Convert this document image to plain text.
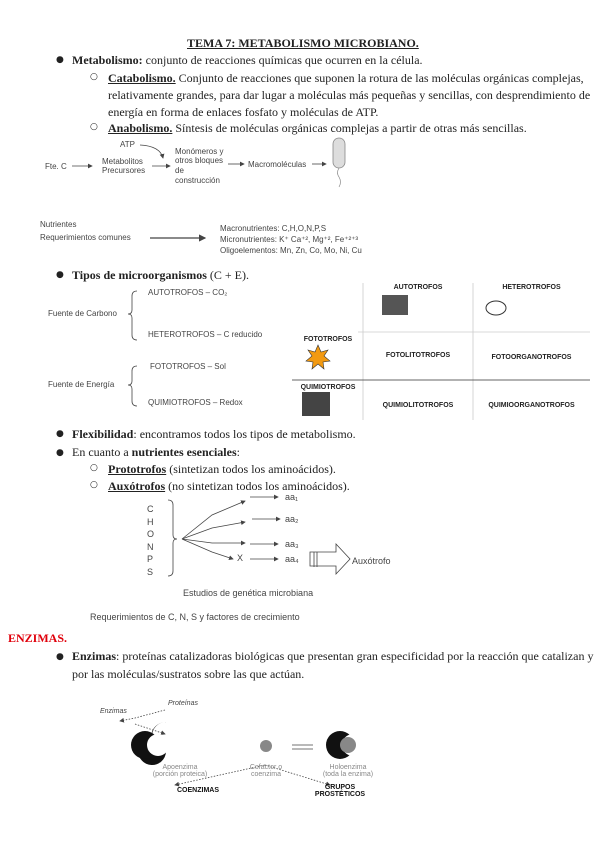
TEMA 7: METABOLISMO MICROBIANO.
● Metabolismo: conjunto de reacciones químicas que ocurren en la célula.
○ Catabolismo. Conjunto de reacciones que suponen la rotura de las moléculas orgánicas complejas,
relativamente grandes, para dar lugar a moléculas más pequeñas y sencillas, con desprendimiento de
energía en forma de enlaces fosfato y moléculas de ATP.
○ Anabolismo. Síntesis de moléculas orgánicas complejas a partir de otras más sencillas.
ATP
Fte. C
Metabolitos
Precursores
Monómeros y
otros bloques
de
construcción
Macromoléculas
Nutrientes
Requerimientos comunes
Macronutrientes: C,H,O,N,P,S
Micronutrientes: K⁺ Ca⁺², Mg⁺², Fe⁺²⁺³
Oligoelementos: Mn, Zn, Co, Mo, Ni, Cu
● Tipos de microorganismos (C + E).
Fuente de Carbono
AUTOTROFOS – CO₂
HETEROTROFOS – C reducido
Fuente de Energía
FOTOTROFOS – Sol
QUIMIOTROFOS – Redox
AUTOTROFOS	HETEROTROFOS
FOTOTROFOS
QUIMIOTROFOS
FOTOLITOTROFOS	FOTOORGANOTROFOS
QUIMIOLITOTROFOS	QUIMIOORGANOTROFOS
● Flexibilidad: encontramos todos los tipos de metabolismo.
● En cuanto a nutrientes esenciales:
○ Prototrofos (sintetizan todos los aminoácidos).
○ Auxótrofos (no sintetizan todos los aminoácidos).
C
H
O
N
P
S
aa₁
aa₂
aa₃
aa₄
X	Auxótrofo
Estudios de genética microbiana
Requerimientos de C, N, S y factores de crecimiento
ENZIMAS.
● Enzimas: proteínas catalizadoras biológicas que presentan gran especificidad por la reacción que catalizan y
por las moléculas/sustratos sobre las que actúan.
Proteínas
Enzimas
Apoenzima
(porción proteica)
Cofactor o
coenzima
Holoenzima
(toda la enzima)
COENZIMAS	GRUPOS
PROSTÉTICOS
